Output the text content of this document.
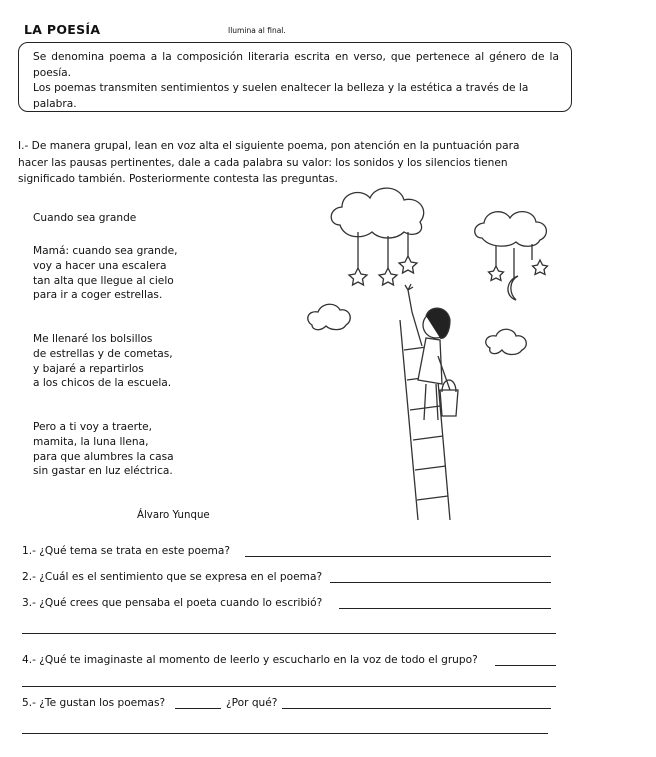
LA POESÍA	Ilumina al final.
Se denomina poema a la composición literaria escrita en verso, que pertenece al género de la poesía.
Los poemas transmiten sentimientos y suelen enaltecer la belleza y la estética a través de la
palabra.
I.- De manera grupal, lean en voz alta el siguiente poema, pon atención en la puntuación para
hacer las pausas pertinentes, dale a cada palabra su valor: los sonidos y los silencios tienen
significado también. Posteriormente contesta las preguntas.
Cuando sea grande
Mamá: cuando sea grande,
voy a hacer una escalera
tan alta que llegue al cielo
para ir a coger estrellas.
Me llenaré los bolsillos
de estrellas y de cometas,
y bajaré a repartirlos
a los chicos de la escuela.
Pero a ti voy a traerte,
mamita, la luna llena,
para que alumbres la casa
sin gastar en luz eléctrica.
Álvaro Yunque
1.- ¿Qué tema se trata en este poema?
2.- ¿Cuál es el sentimiento que se expresa en el poema?
3.- ¿Qué crees que pensaba el poeta cuando lo escribió?
4.- ¿Qué te imaginaste al momento de leerlo y escucharlo en la voz de todo el grupo?
5.- ¿Te gustan los poemas?	¿Por qué?
